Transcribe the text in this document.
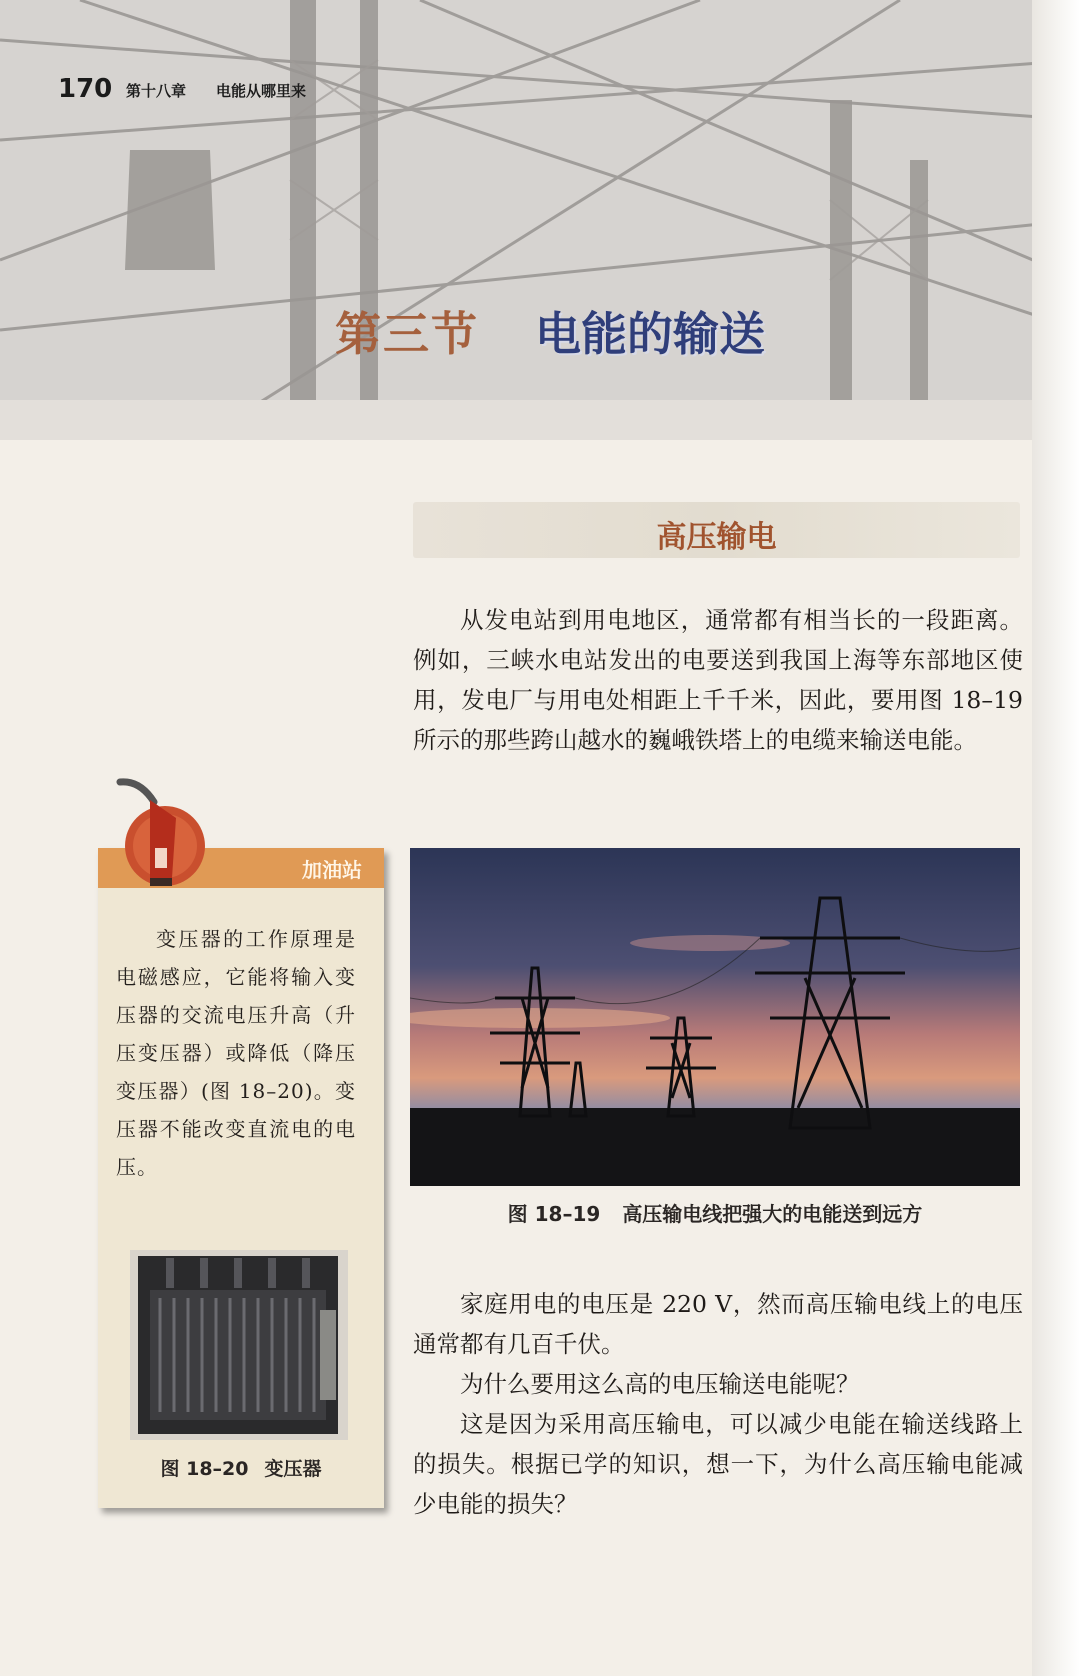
170 第十八章 电能从哪里来
第三节 电能的输送
高压输电

从发电站到用电地区，通常都有相当长的一段距离。例如，三峡水电站发出的电要送到我国上海等东部地区使用，发电厂与用电处相距上千千米，因此，要用图 18–19 所示的那些跨山越水的巍峨铁塔上的电缆来输送电能。

图 18–19 高压输电线把强大的电能送到远方

家庭用电的电压是 220 V，然而高压输电线上的电压通常都有几百千伏。

为什么要用这么高的电压输送电能呢？

这是因为采用高压输电，可以减少电能在输送线路上的损失。根据已学的知识，想一下，为什么高压输电能减少电能的损失？

加油站

变压器的工作原理是电磁感应，它能将输入变压器的交流电压升高（升压变压器）或降低（降压变压器）(图 18–20)。变压器不能改变直流电的电压。

图 18–20 变压器
